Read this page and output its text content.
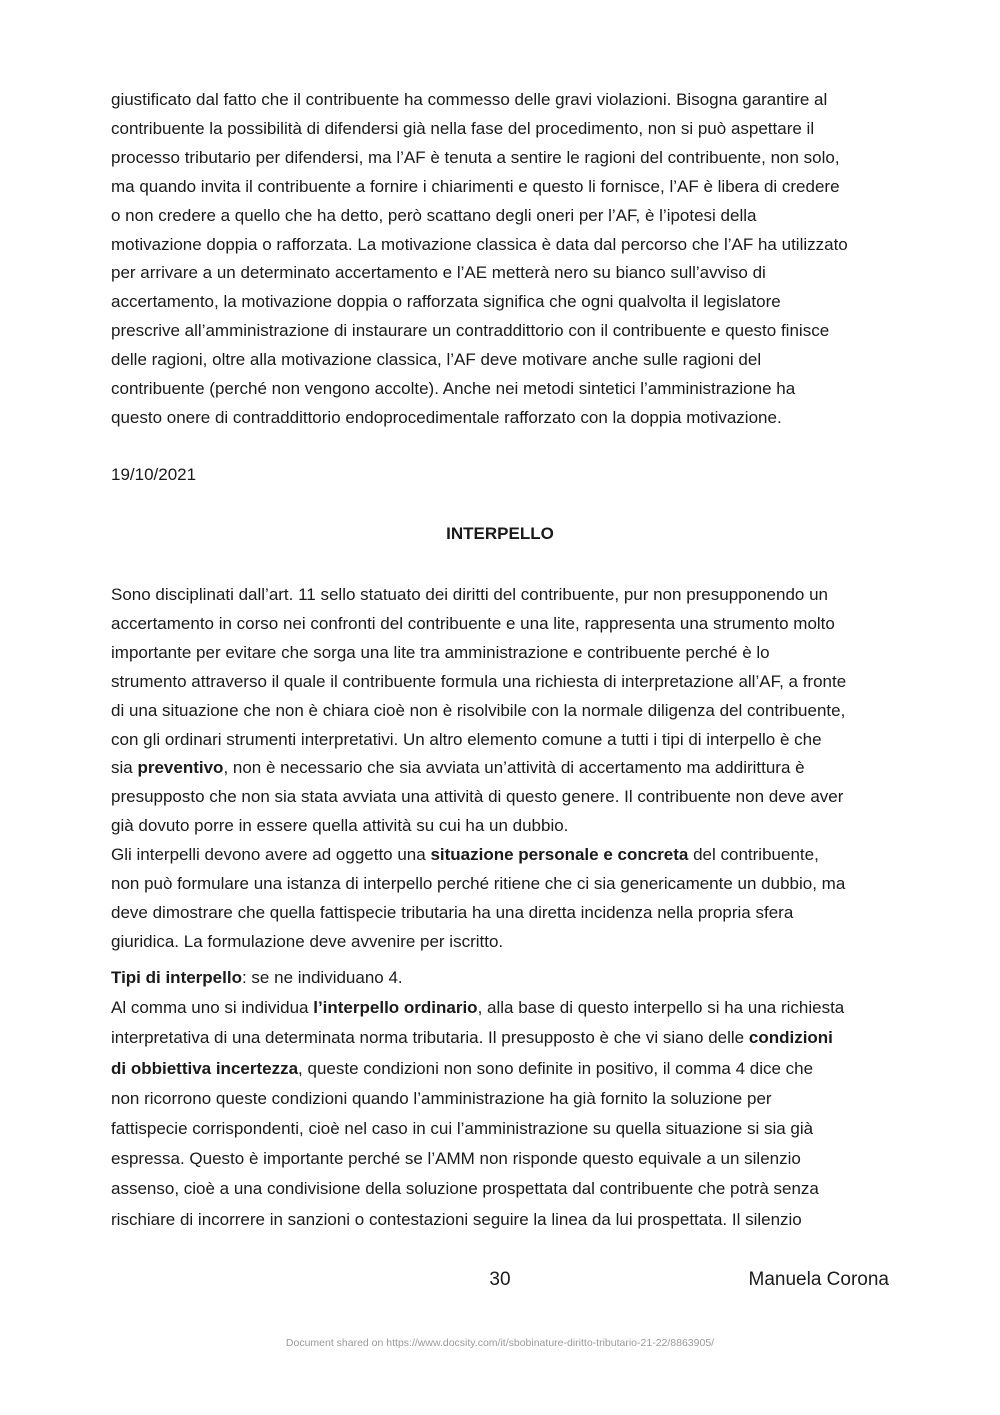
giustificato dal fatto che il contribuente ha commesso delle gravi violazioni. Bisogna garantire al
contribuente la possibilità di difendersi già nella fase del procedimento, non si può aspettare il
processo tributario per difendersi, ma l’AF è tenuta a sentire le ragioni del contribuente, non solo,
ma quando invita il contribuente a fornire i chiarimenti e questo li fornisce, l’AF è libera di credere
o non credere a quello che ha detto, però scattano degli oneri per l’AF, è l’ipotesi della
motivazione doppia o rafforzata. La motivazione classica è data dal percorso che l’AF ha utilizzato
per arrivare a un determinato accertamento e l’AE metterà nero su bianco sull’avviso di
accertamento, la motivazione doppia o rafforzata significa che ogni qualvolta il legislatore
prescrive all’amministrazione di instaurare un contraddittorio con il contribuente e questo finisce
delle ragioni, oltre alla motivazione classica, l’AF deve motivare anche sulle ragioni del
contribuente (perché non vengono accolte). Anche nei metodi sintetici l’amministrazione ha
questo onere di contraddittorio endoprocedimentale rafforzato con la doppia motivazione.
19/10/2021
INTERPELLO
Sono disciplinati dall’art. 11 sello statuato dei diritti del contribuente, pur non presupponendo un
accertamento in corso nei confronti del contribuente e una lite, rappresenta una strumento molto
importante per evitare che sorga una lite tra amministrazione e contribuente perché è lo
strumento attraverso il quale il contribuente formula una richiesta di interpretazione all’AF, a fronte
di una situazione che non è chiara cioè non è risolvibile con la normale diligenza del contribuente,
con gli ordinari strumenti interpretativi. Un altro elemento comune a tutti i tipi di interpello è che
sia preventivo, non è necessario che sia avviata un’attività di accertamento ma addirittura è
presupposto che non sia stata avviata una attività di questo genere. Il contribuente non deve aver
già dovuto porre in essere quella attività su cui ha un dubbio.
Gli interpelli devono avere ad oggetto una situazione personale e concreta del contribuente,
non può formulare una istanza di interpello perché ritiene che ci sia genericamente un dubbio, ma
deve dimostrare che quella fattispecie tributaria ha una diretta incidenza nella propria sfera
giuridica. La formulazione deve avvenire per iscritto.
Tipi di interpello: se ne individuano 4.
Al comma uno si individua l’interpello ordinario, alla base di questo interpello si ha una richiesta
interpretativa di una determinata norma tributaria. Il presupposto è che vi siano delle condizioni
di obbiettiva incertezza, queste condizioni non sono definite in positivo, il comma 4 dice che
non ricorrono queste condizioni quando l’amministrazione ha già fornito la soluzione per
fattispecie corrispondenti, cioè nel caso in cui l’amministrazione su quella situazione si sia già
espressa. Questo è importante perché se l’AMM non risponde questo equivale a un silenzio
assenso, cioè a una condivisione della soluzione prospettata dal contribuente che potrà senza
rischiare di incorrere in sanzioni o contestazioni seguire la linea da lui prospettata. Il silenzio
30	Manuela Corona
Document shared on https://www.docsity.com/it/sbobinature-diritto-tributario-21-22/8863905/
